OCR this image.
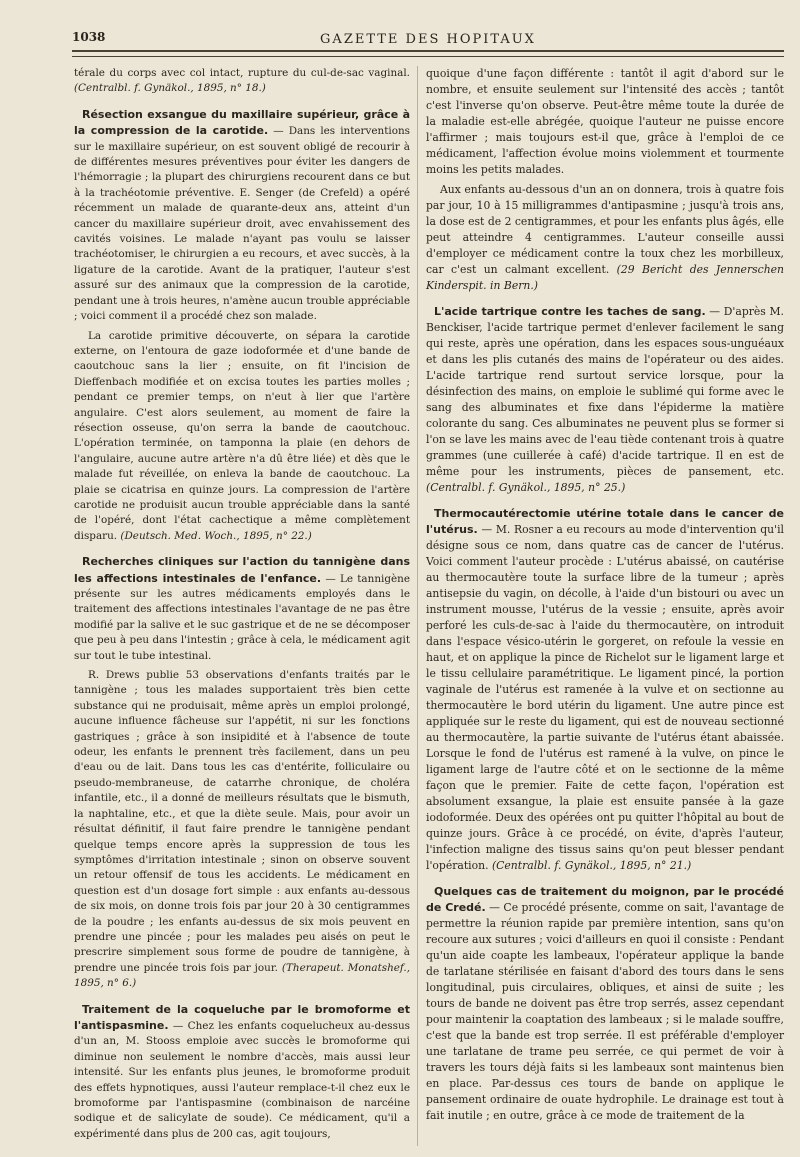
1038	GAZETTE DES HOPITAUX

térale du corps avec col intact, rupture du cul-de-sac vaginal. (Centralbl. f. Gynäkol., 1895, n° 18.)

Résection exsangue du maxillaire supérieur, grâce à la compression de la carotide. — Dans les interventions sur le maxillaire supérieur, on est souvent obligé de recourir à de différentes mesures préventives pour éviter les dangers de l'hémorragie ; la plupart des chirurgiens recourent dans ce but à la trachéotomie préventive. E. Senger (de Crefeld) a opéré récemment un malade de quarante-deux ans, atteint d'un cancer du maxillaire supérieur droit, avec envahissement des cavités voisines. Le malade n'ayant pas voulu se laisser trachéotomiser, le chirurgien a eu recours, et avec succès, à la ligature de la carotide. Avant de la pratiquer, l'auteur s'est assuré sur des animaux que la compression de la carotide, pendant une à trois heures, n'amène aucun trouble appréciable ; voici comment il a procédé chez son malade.

La carotide primitive découverte, on sépara la carotide externe, on l'entoura de gaze iodoformée et d'une bande de caoutchouc sans la lier ; ensuite, on fit l'incision de Dieffenbach modifiée et on excisa toutes les parties molles ; pendant ce premier temps, on n'eut à lier que l'artère angulaire. C'est alors seulement, au moment de faire la résection osseuse, qu'on serra la bande de caoutchouc. L'opération terminée, on tamponna la plaie (en dehors de l'angulaire, aucune autre artère n'a dû être liée) et dès que le malade fut réveillée, on enleva la bande de caoutchouc. La plaie se cicatrisa en quinze jours. La compression de l'artère carotide ne produisit aucun trouble appréciable dans la santé de l'opéré, dont l'état cachectique a même complètement disparu. (Deutsch. Med. Woch., 1895, n° 22.)

Recherches cliniques sur l'action du tannigène dans les affections intestinales de l'enfance. — Le tannigène présente sur les autres médicaments employés dans le traitement des affections intestinales l'avantage de ne pas être modifié par la salive et le suc gastrique et de ne se décomposer que peu à peu dans l'intestin ; grâce à cela, le médicament agit sur tout le tube intestinal.

R. Drews publie 53 observations d'enfants traités par le tannigène ; tous les malades supportaient très bien cette substance qui ne produisait, même après un emploi prolongé, aucune influence fâcheuse sur l'appétit, ni sur les fonctions gastriques ; grâce à son insipidité et à l'absence de toute odeur, les enfants le prennent très facilement, dans un peu d'eau ou de lait. Dans tous les cas d'entérite, folliculaire ou pseudo-membraneuse, de catarrhe chronique, de choléra infantile, etc., il a donné de meilleurs résultats que le bismuth, la naphtaline, etc., et que la diète seule. Mais, pour avoir un résultat définitif, il faut faire prendre le tannigène pendant quelque temps encore après la suppression de tous les symptômes d'irritation intestinale ; sinon on observe souvent un retour offensif de tous les accidents. Le médicament en question est d'un dosage fort simple : aux enfants au-dessous de six mois, on donne trois fois par jour 20 à 30 centigrammes de la poudre ; les enfants au-dessus de six mois peuvent en prendre une pincée ; pour les malades peu aisés on peut le prescrire simplement sous forme de poudre de tannigène, à prendre une pincée trois fois par jour. (Therapeut. Monatshef., 1895, n° 6.)

Traitement de la coqueluche par le bromoforme et l'antispasmine. — Chez les enfants coquelucheux au-dessus d'un an, M. Stooss emploie avec succès le bromoforme qui diminue non seulement le nombre d'accès, mais aussi leur intensité. Sur les enfants plus jeunes, le bromoforme produit des effets hypnotiques, aussi l'auteur remplace-t-il chez eux le bromoforme par l'antispasmine (combinaison de narcéine sodique et de salicylate de soude). Ce médicament, qu'il a expérimenté dans plus de 200 cas, agit toujours,

quoique d'une façon différente : tantôt il agit d'abord sur le nombre, et ensuite seulement sur l'intensité des accès ; tantôt c'est l'inverse qu'on observe. Peut-être même toute la durée de la maladie est-elle abrégée, quoique l'auteur ne puisse encore l'affirmer ; mais toujours est-il que, grâce à l'emploi de ce médicament, l'affection évolue moins violemment et tourmente moins les petits malades.

Aux enfants au-dessous d'un an on donnera, trois à quatre fois par jour, 10 à 15 milligrammes d'antipasmine ; jusqu'à trois ans, la dose est de 2 centigrammes, et pour les enfants plus âgés, elle peut atteindre 4 centigrammes. L'auteur conseille aussi d'employer ce médicament contre la toux chez les morbilleux, car c'est un calmant excellent. (29 Bericht des Jennerschen Kinderspit. in Bern.)

L'acide tartrique contre les taches de sang. — D'après M. Benckiser, l'acide tartrique permet d'enlever facilement le sang qui reste, après une opération, dans les espaces sous-unguéaux et dans les plis cutanés des mains de l'opérateur ou des aides. L'acide tartrique rend surtout service lorsque, pour la désinfection des mains, on emploie le sublimé qui forme avec le sang des albuminates et fixe dans l'épiderme la matière colorante du sang. Ces albuminates ne peuvent plus se former si l'on se lave les mains avec de l'eau tiède contenant trois à quatre grammes (une cuillerée à café) d'acide tartrique. Il en est de même pour les instruments, pièces de pansement, etc. (Centralbl. f. Gynäkol., 1895, n° 25.)

Thermocautérectomie utérine totale dans le cancer de l'utérus. — M. Rosner a eu recours au mode d'intervention qu'il désigne sous ce nom, dans quatre cas de cancer de l'utérus. Voici comment l'auteur procède : L'utérus abaissé, on cautérise au thermocautère toute la surface libre de la tumeur ; après antisepsie du vagin, on décolle, à l'aide d'un bistouri ou avec un instrument mousse, l'utérus de la vessie ; ensuite, après avoir perforé les culs-de-sac à l'aide du thermocautère, on introduit dans l'espace vésico-utérin le gorgeret, on refoule la vessie en haut, et on applique la pince de Richelot sur le ligament large et le tissu cellulaire paramétritique. Le ligament pincé, la portion vaginale de l'utérus est ramenée à la vulve et on sectionne au thermocautère le bord utérin du ligament. Une autre pince est appliquée sur le reste du ligament, qui est de nouveau sectionné au thermocautère, la partie suivante de l'utérus étant abaissée. Lorsque le fond de l'utérus est ramené à la vulve, on pince le ligament large de l'autre côté et on le sectionne de la même façon que le premier. Faite de cette façon, l'opération est absolument exsangue, la plaie est ensuite pansée à la gaze iodoformée. Deux des opérées ont pu quitter l'hôpital au bout de quinze jours. Grâce à ce procédé, on évite, d'après l'auteur, l'infection maligne des tissus sains qu'on peut blesser pendant l'opération. (Centralbl. f. Gynäkol., 1895, n° 21.)

Quelques cas de traitement du moignon, par le procédé de Credé. — Ce procédé présente, comme on sait, l'avantage de permettre la réunion rapide par première intention, sans qu'on recoure aux sutures ; voici d'ailleurs en quoi il consiste : Pendant qu'un aide coapte les lambeaux, l'opérateur applique la bande de tarlatane stérilisée en faisant d'abord des tours dans le sens longitudinal, puis circulaires, obliques, et ainsi de suite ; les tours de bande ne doivent pas être trop serrés, assez cependant pour maintenir la coaptation des lambeaux ; si le malade souffre, c'est que la bande est trop serrée. Il est préférable d'employer une tarlatane de trame peu serrée, ce qui permet de voir à travers les tours déjà faits si les lambeaux sont maintenus bien en place. Par-dessus ces tours de bande on applique le pansement ordinaire de ouate hydrophile. Le drainage est tout à fait inutile ; en outre, grâce à ce mode de traitement de la
